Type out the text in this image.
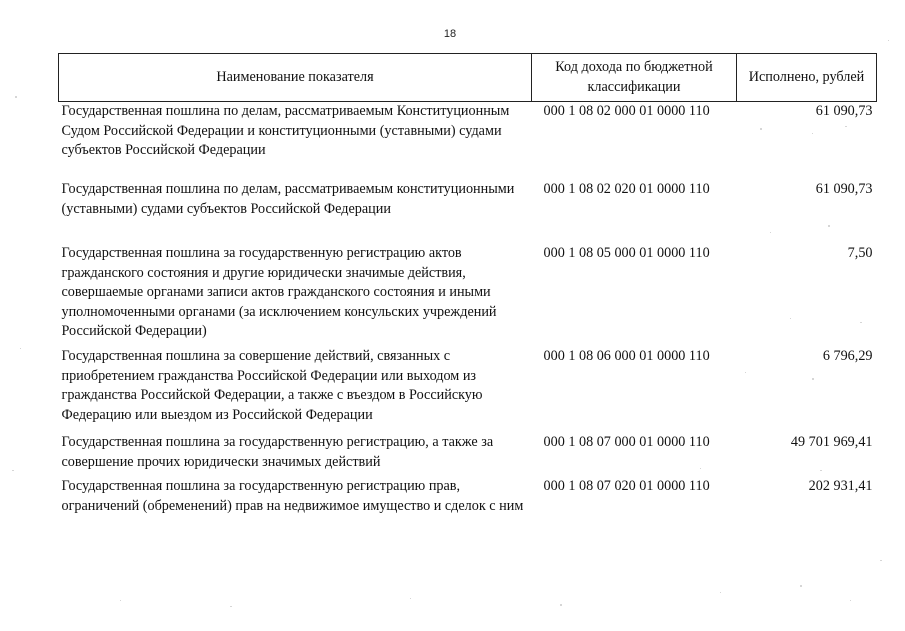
18
Наименование показателя	Код дохода по бюджетной классификации	Исполнено, рублей
Государственная пошлина по делам, рассматриваемым Конституционным Судом Российской Федерации и конституционными (уставными) судами субъектов Российской Федерации	000 1 08 02 000 01 0000 110	61 090,73
Государственная пошлина по делам, рассматриваемым конституционными (уставными) судами субъектов Российской Федерации	000 1 08 02 020 01 0000 110	61 090,73
Государственная пошлина за государственную регистрацию актов гражданского состояния и другие юридически значимые действия, совершаемые органами записи актов гражданского состояния и иными уполномоченными органами (за исключением консульских учреждений Российской Федерации)	000 1 08 05 000 01 0000 110	7,50
Государственная пошлина за совершение действий, связанных с приобретением гражданства Российской Федерации или выходом из гражданства Российской Федерации, а также с въездом в Российскую Федерацию или выездом из Российской Федерации	000 1 08 06 000 01 0000 110	6 796,29
Государственная пошлина за государственную регистрацию, а также за совершение прочих юридически значимых действий	000 1 08 07 000 01 0000 110	49 701 969,41
Государственная пошлина за государственную регистрацию прав, ограничений (обременений) прав на недвижимое имущество и сделок с ним	000 1 08 07 020 01 0000 110	202 931,41
